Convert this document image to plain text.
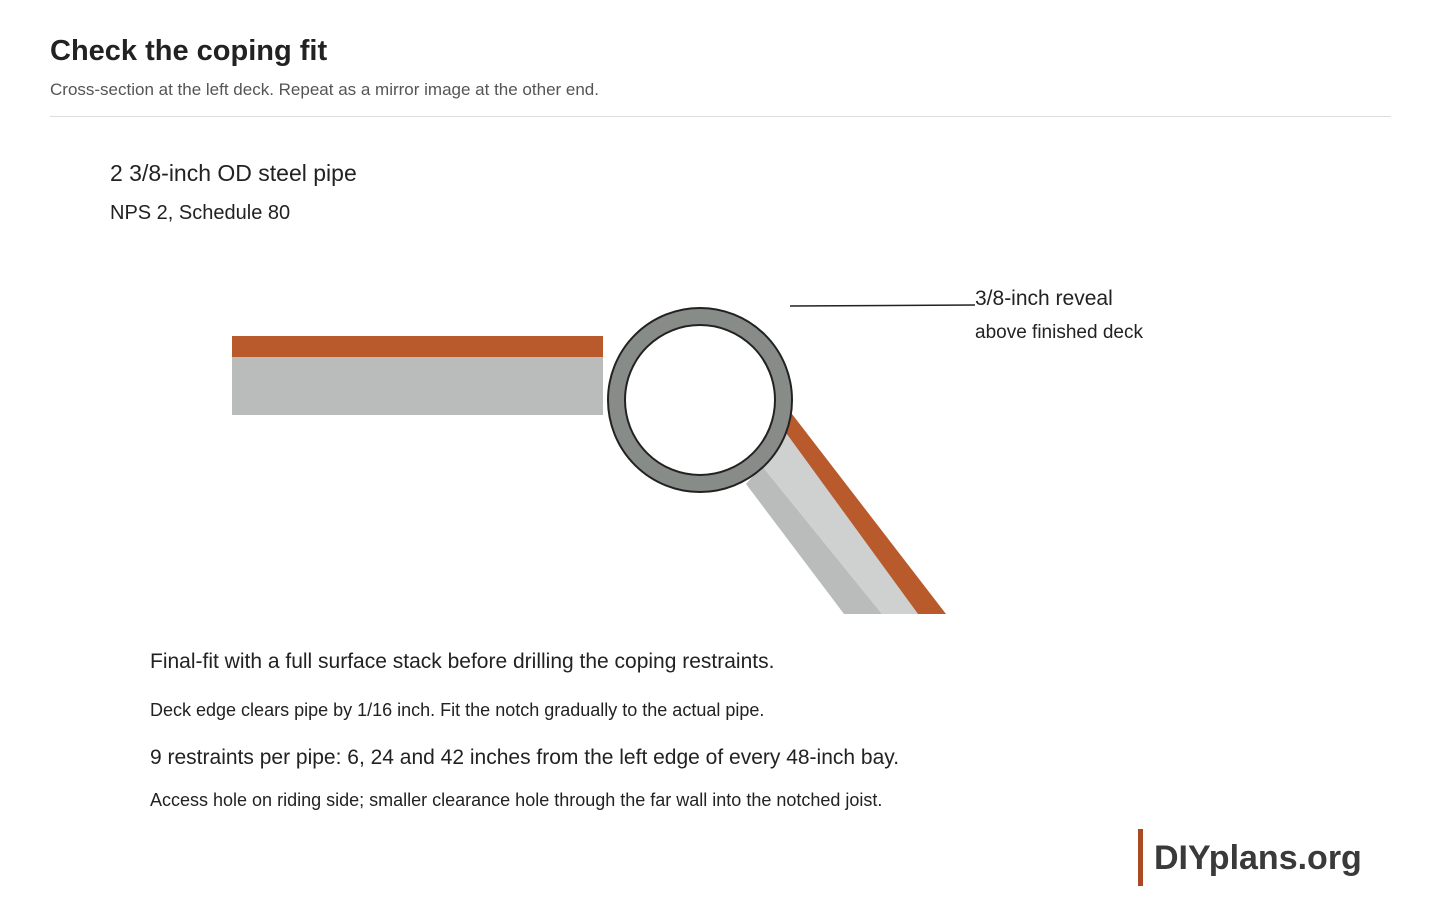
Check the coping fit

Cross-section at the left deck. Repeat as a mirror image at the other end.

2 3/8-inch OD steel pipe
NPS 2, Schedule 80
3/8-inch reveal
above finished deck

Final-fit with a full surface stack before drilling the coping restraints.

Deck edge clears pipe by 1/16 inch. Fit the notch gradually to the actual pipe.

9 restraints per pipe: 6, 24 and 42 inches from the left edge of every 48-inch bay.

Access hole on riding side; smaller clearance hole through the far wall into the notched joist.

DIYplans.org
